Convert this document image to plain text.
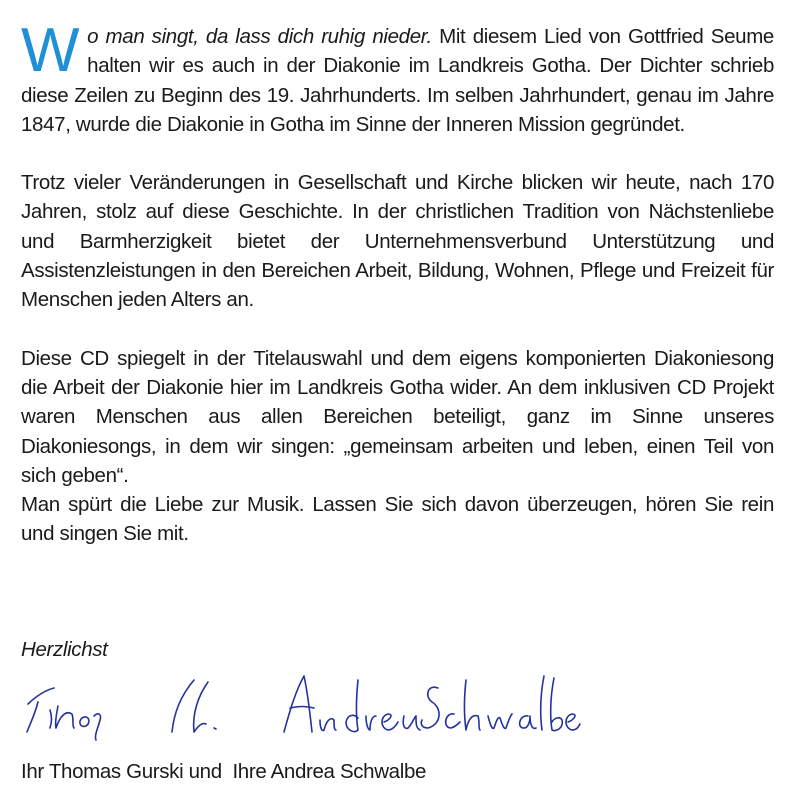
Wo man singt, da lass dich ruhig nieder. Mit diesem Lied von Gottfried Seume halten wir es auch in der Diakonie im Landkreis Gotha. Der Dichter schrieb diese Zeilen zu Beginn des 19. Jahrhunderts. Im selben Jahrhundert, genau im Jahre 1847, wurde die Diakonie in Gotha im Sinne der Inneren Mission gegründet.

Trotz vieler Veränderungen in Gesellschaft und Kirche blicken wir heute, nach 170 Jahren, stolz auf diese Geschichte. In der christlichen Tradition von Nächstenliebe und Barmherzigkeit bietet der Unternehmensverbund Unterstützung und Assistenzleistungen in den Bereichen Arbeit, Bildung, Wohnen, Pflege und Freizeit für Menschen jeden Alters an.

Diese CD spiegelt in der Titelauswahl und dem eigens komponierten Diakoniesong die Arbeit der Diakonie hier im Landkreis Gotha wider. An dem inklusiven CD Projekt waren Menschen aus allen Bereichen beteiligt, ganz im Sinne unseres Diakoniesongs, in dem wir singen: „gemeinsam arbeiten und leben, einen Teil von sich geben“.

Man spürt die Liebe zur Musik. Lassen Sie sich davon überzeugen, hören Sie rein und singen Sie mit.

Herzlichst
Ihr Thomas Gurski und  Ihre Andrea Schwalbe
